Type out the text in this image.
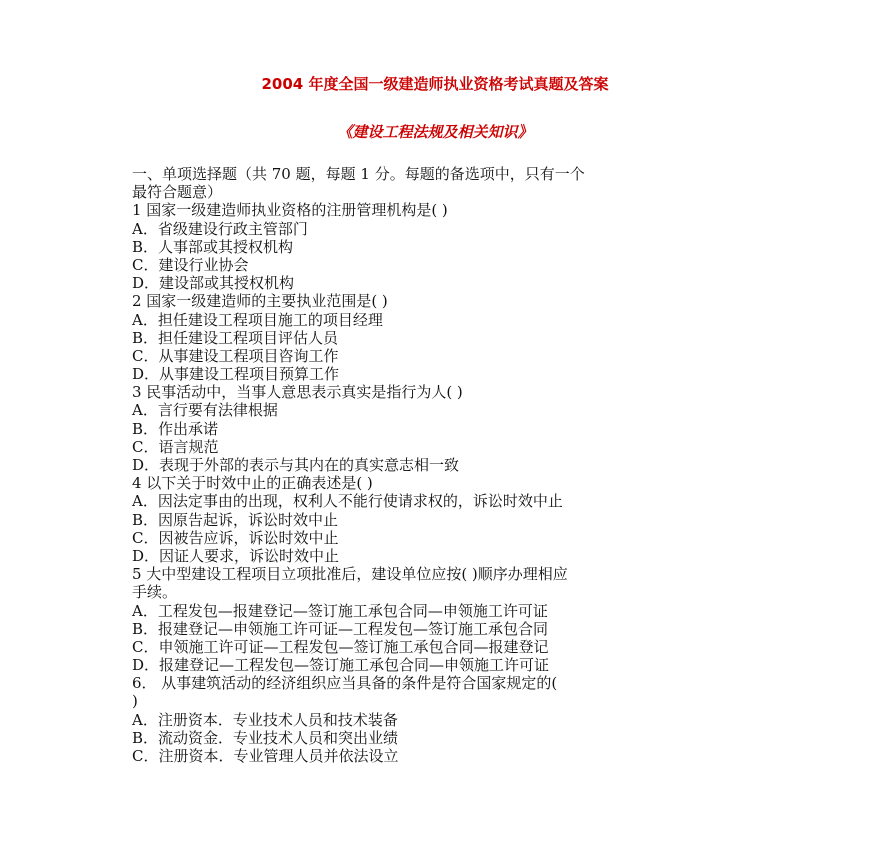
2004 年度全国一级建造师执业资格考试真题及答案
《建设工程法规及相关知识》
一、单项选择题（共 70 题，每题 1 分。每题的备选项中，只有一个
最符合题意）
1 国家一级建造师执业资格的注册管理机构是( )
A．省级建设行政主管部门
B．人事部或其授权机构
C．建设行业协会
D．建设部或其授权机构
2 国家一级建造师的主要执业范围是( )
A．担任建设工程项目施工的项目经理
B．担任建设工程项目评估人员
C．从事建设工程项目咨询工作
D．从事建设工程项目预算工作
3 民事活动中，当事人意思表示真实是指行为人( )
A．言行要有法律根据
B．作出承诺
C．语言规范
D．表现于外部的表示与其内在的真实意志相一致
4 以下关于时效中止的正确表述是( )
A．因法定事由的出现，权利人不能行使请求权的，诉讼时效中止
B．因原告起诉，诉讼时效中止
C．因被告应诉，诉讼时效中止
D．因证人要求，诉讼时效中止
5 大中型建设工程项目立项批准后，建设单位应按( )顺序办理相应
手续。
A．工程发包—报建登记—签订施工承包合同—申领施工许可证
B．报建登记—申领施工许可证—工程发包—签订施工承包合同
C．申领施工许可证—工程发包—签订施工承包合同—报建登记
D．报建登记—工程发包—签订施工承包合同—申领施工许可证
6． 从事建筑活动的经济组织应当具备的条件是符合国家规定的(
)
A．注册资本．专业技术人员和技术装备
B．流动资金．专业技术人员和突出业绩
C．注册资本．专业管理人员并依法设立
